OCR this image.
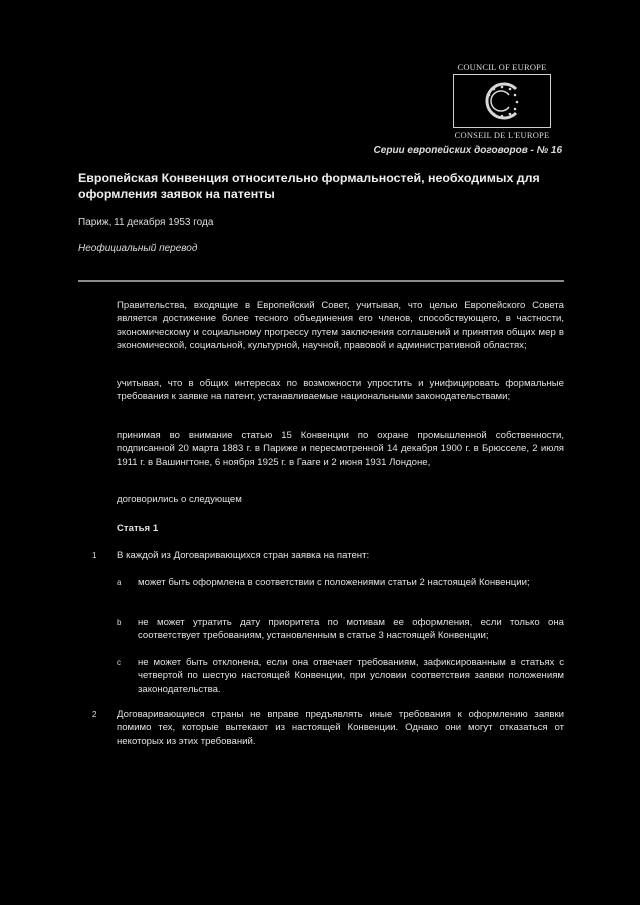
COUNCIL OF EUROPE
CONSEIL DE L'EUROPE
Серии европейских договоров - № 16
Европейская Конвенция относительно формальностей, необходимых для оформления заявок на патенты
Париж, 11 декабря 1953 года
Неофициальный перевод
Правительства, входящие в Европейский Совет, учитывая, что целью Европейского Совета является достижение более тесного объединения его членов, способствующего, в частности, экономическому и социальному прогрессу путем заключения соглашений и принятия общих мер в экономической, социальной, культурной, научной, правовой и административной областях;
учитывая, что в общих интересах по возможности упростить и унифицировать формальные требования к заявке на патент, устанавливаемые национальными законодательствами;
принимая во внимание статью 15 Конвенции по охране промышленной собственности, подписанной 20 марта 1883 г. в Париже и пересмотренной 14 декабря 1900 г. в Брюсселе, 2 июля 1911 г. в Вашингтоне, 6 ноября 1925 г. в Гааге и 2 июня 1931 Лондоне,
договорились о следующем
Статья 1
1 В каждой из Договаривающихся стран заявка на патент:
a может быть оформлена в соответствии с положениями статьи 2 настоящей Конвенции;
b не может утратить дату приоритета по мотивам ее оформления, если только она соответствует требованиям, установленным в статье 3 настоящей Конвенции;
c не может быть отклонена, если она отвечает требованиям, зафиксированным в статьях с четвертой по шестую настоящей Конвенции, при условии соответствия заявки положениям законодательства.
2 Договаривающиеся страны не вправе предъявлять иные требования к оформлению заявки помимо тех, которые вытекают из настоящей Конвенции. Однако они могут отказаться от некоторых из этих требований.
